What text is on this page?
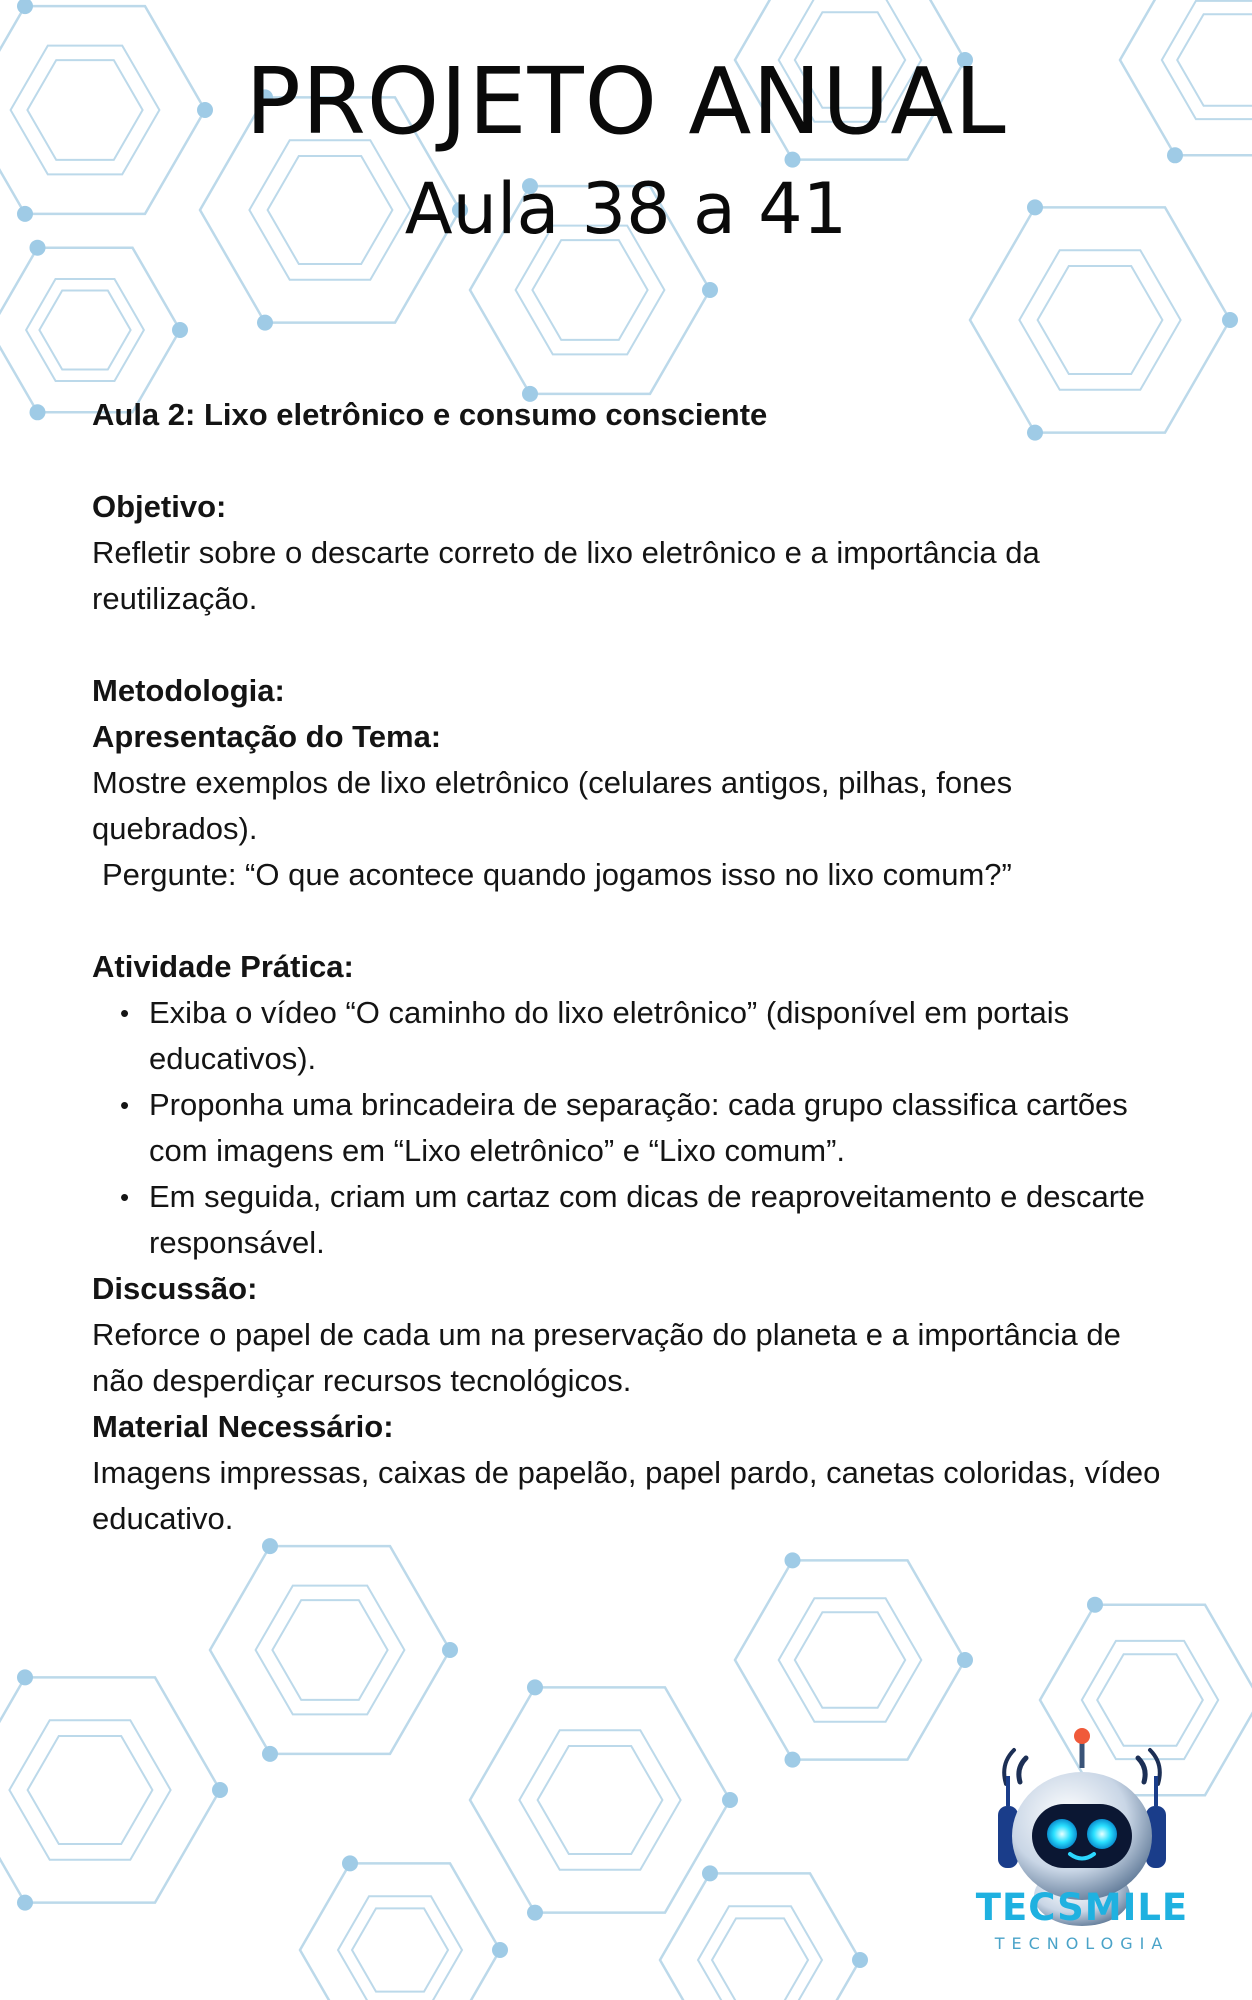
PROJETO ANUAL
Aula 38 a 41

Aula 2: Lixo eletrônico e consumo consciente

Objetivo:

Refletir sobre o descarte correto de lixo eletrônico e a importância da reutilização.

Metodologia:

Apresentação do Tema:

Mostre exemplos de lixo eletrônico (celulares antigos, pilhas, fones quebrados).

Pergunte: “O que acontece quando jogamos isso no lixo comum?”

Atividade Prática:

• Exiba o vídeo “O caminho do lixo eletrônico” (disponível em portais educativos).
• Proponha uma brincadeira de separação: cada grupo classifica cartões com imagens em “Lixo eletrônico” e “Lixo comum”.
• Em seguida, criam um cartaz com dicas de reaproveitamento e descarte responsável.

Discussão:

Reforce o papel de cada um na preservação do planeta e a importância de não desperdiçar recursos tecnológicos.

Material Necessário:

Imagens impressas, caixas de papelão, papel pardo, canetas coloridas, vídeo educativo.

TECSMILE

TECNOLOGIA
